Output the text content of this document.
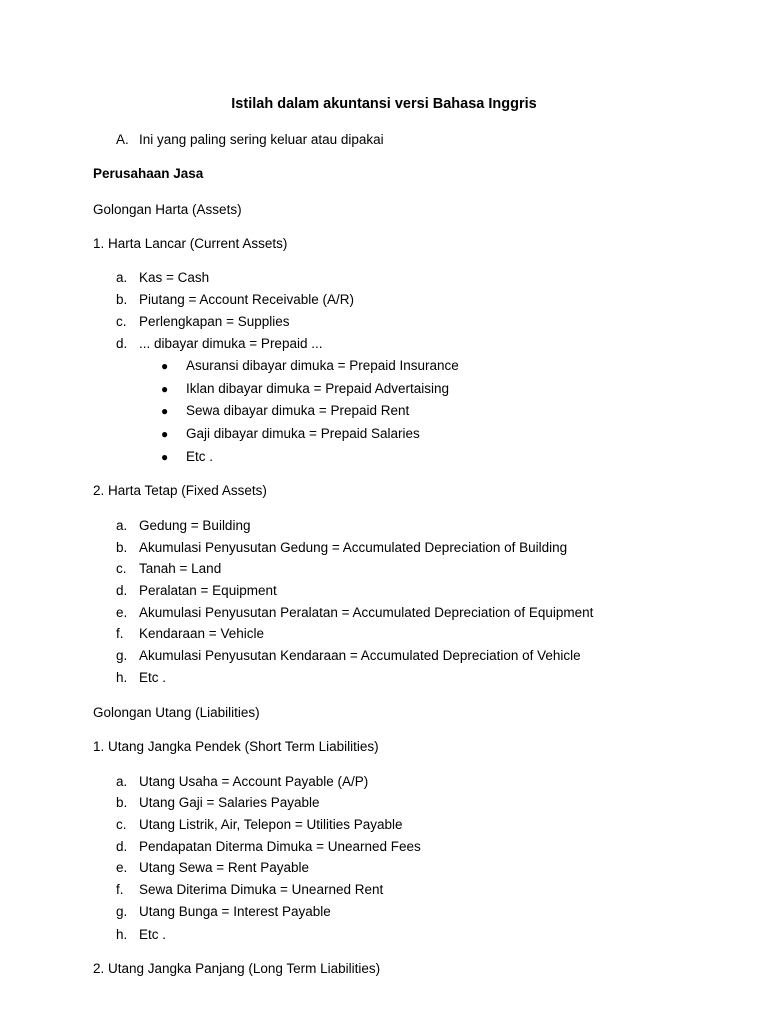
Istilah dalam akuntansi versi Bahasa Inggris
A. Ini yang paling sering keluar atau dipakai
Perusahaan Jasa
Golongan Harta (Assets)
1. Harta Lancar (Current Assets)
a. Kas = Cash
b. Piutang = Account Receivable (A/R)
c. Perlengkapan = Supplies
d. ... dibayar dimuka = Prepaid ...
● Asuransi dibayar dimuka = Prepaid Insurance
● Iklan dibayar dimuka = Prepaid Advertaising
● Sewa dibayar dimuka = Prepaid Rent
● Gaji dibayar dimuka = Prepaid Salaries
● Etc .
2. Harta Tetap (Fixed Assets)
a. Gedung = Building
b. Akumulasi Penyusutan Gedung = Accumulated Depreciation of Building
c. Tanah = Land
d. Peralatan = Equipment
e. Akumulasi Penyusutan Peralatan = Accumulated Depreciation of Equipment
f. Kendaraan = Vehicle
g. Akumulasi Penyusutan Kendaraan = Accumulated Depreciation of Vehicle
h. Etc .
Golongan Utang (Liabilities)
1. Utang Jangka Pendek (Short Term Liabilities)
a. Utang Usaha = Account Payable (A/P)
b. Utang Gaji = Salaries Payable
c. Utang Listrik, Air, Telepon = Utilities Payable
d. Pendapatan Diterma Dimuka = Unearned Fees
e. Utang Sewa = Rent Payable
f. Sewa Diterima Dimuka = Unearned Rent
g. Utang Bunga = Interest Payable
h. Etc .
2. Utang Jangka Panjang (Long Term Liabilities)
